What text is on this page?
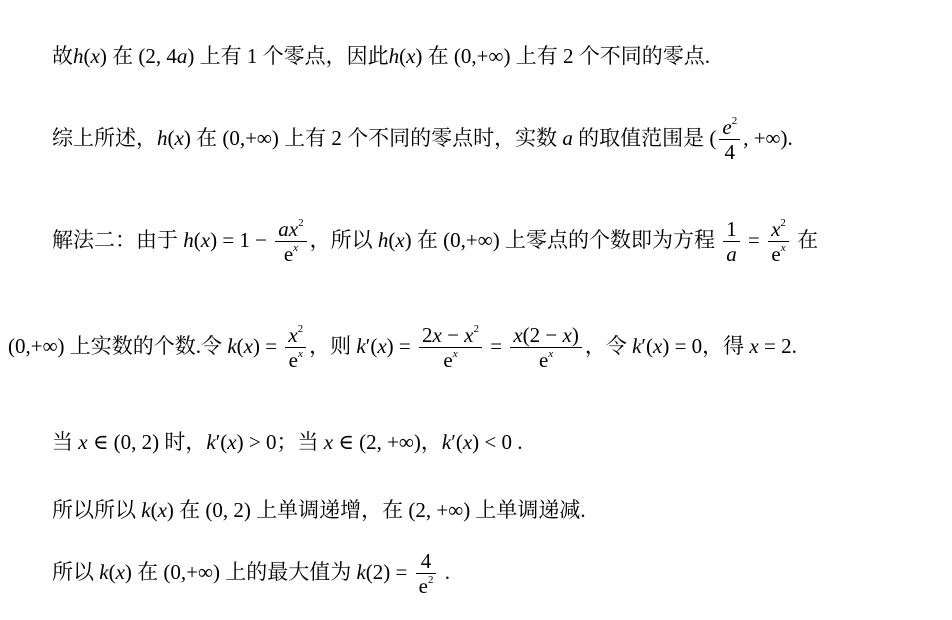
故h(x) 在 (2, 4a) 上有 1 个零点，因此h(x) 在 (0,+∞) 上有 2 个不同的零点.
综上所述，h(x) 在 (0,+∞) 上有 2 个不同的零点时，实数 a 的取值范围是 ( $\frac{e^2}{4}$ , +∞).
解法二：由于 $h(x) = 1 - \frac{ax^2}{e^x}$ ，所以 h(x) 在 (0,+∞) 上零点的个数即为方程 $\frac{1}{a} = \frac{x^2}{e^x}$ 在
(0,+∞) 上实数的个数.令 $k(x) = \frac{x^2}{e^x}$ ，则 $k'(x) = \frac{2x - x^2}{e^x} = \frac{x(2 - x)}{e^x}$ ，令 k′(x) = 0，得 x = 2.
当 x ∈ (0, 2) 时，k′(x) > 0；当 x ∈ (2, +∞)，k′(x) < 0 .
所以所以 k(x) 在 (0, 2) 上单调递增，在 (2, +∞) 上单调递减.
所以 k(x) 在 (0,+∞) 上的最大值为 $k(2) = \frac{4}{e^2}$ .
